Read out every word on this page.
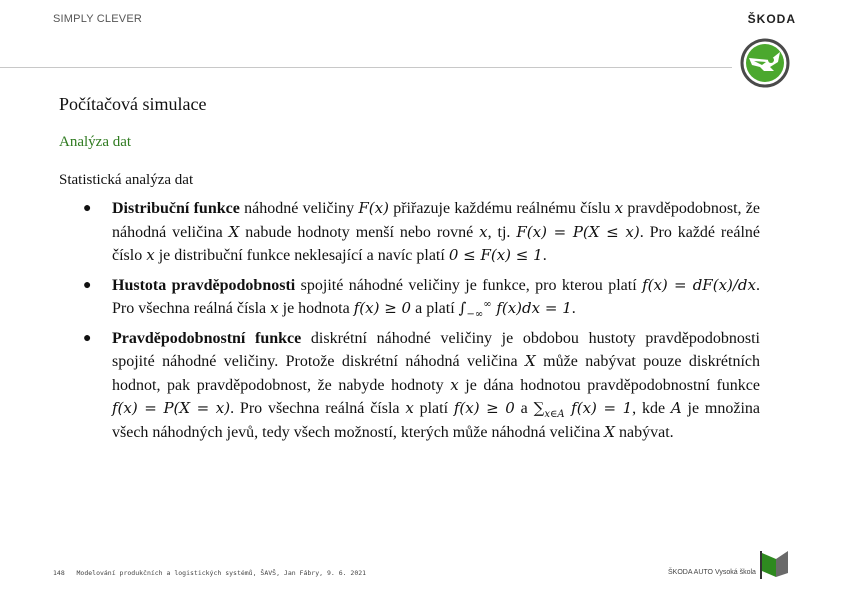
SIMPLY CLEVER	ŠKODA
Počítačová simulace
Analýza dat
Statistická analýza dat
● Distribuční funkce náhodné veličiny F(x) přiřazuje každému reálnému číslu x pravděpodobnost, že náhodná veličina X nabude hodnoty menší nebo rovné x, tj. F(x) = P(X ≤ x). Pro každé reálné číslo x je distribuční funkce neklesající a navíc platí 0 ≤ F(x) ≤ 1.
● Hustota pravděpodobnosti spojité náhodné veličiny je funkce, pro kterou platí f(x) = dF(x)/dx. Pro všechna reálná čísla x je hodnota f(x) ≥ 0 a platí $\int_{-\infty}^\infty$ f(x)dx = 1.
● Pravděpodobnostní funkce diskrétní náhodné veličiny je obdobou hustoty pravděpodobnosti spojité náhodné veličiny. Protože diskrétní náhodná veličina X může nabývat pouze diskrétních hodnot, pak pravděpodobnost, že nabyde hodnoty x je dána hodnotou pravděpodobnostní funkce f(x) = P(X = x). Pro všechna reálná čísla x platí f(x) ≥ 0 a $\sum_{x\in A}$ f(x) = 1, kde A je množina všech náhodných jevů, tedy všech možností, kterých může náhodná veličina X nabývat.
148 Modelování produkčních a logistických systémů, ŠAVŠ, Jan Fábry, 9. 6. 2021	ŠKODA AUTO Vysoká škola
